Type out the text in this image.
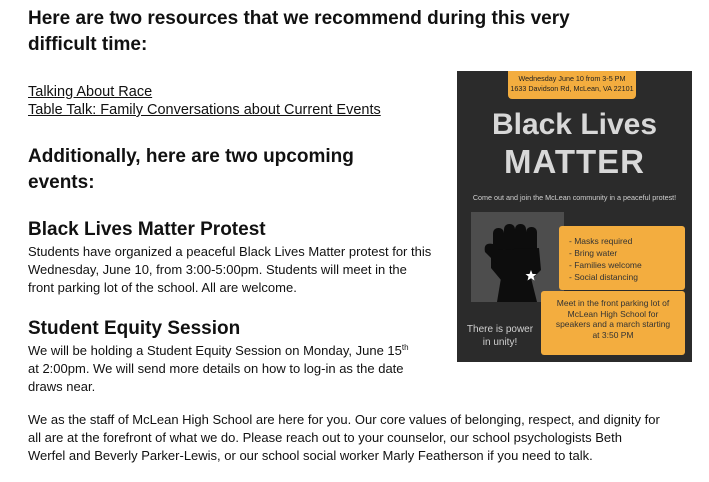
Here are two resources that we recommend during this very
difficult time:
Talking About Race
Table Talk: Family Conversations about Current Events
Additionally, here are two upcoming
events:
Black Lives Matter Protest
Students have organized a peaceful Black Lives Matter protest for this
Wednesday, June 10, from 3:00-5:00pm. Students will meet in the
front parking lot of the school. All are welcome.
Student Equity Session
We will be holding a Student Equity Session on Monday, June 15th
at 2:00pm. We will send more details on how to log-in as the date
draws near.
We as the staff of McLean High School are here for you. Our core values of belonging, respect, and dignity for
all are at the forefront of what we do. Please reach out to your counselor, our school psychologists Beth
Werfel and Beverly Parker-Lewis, or our school social worker Marly Featherson if you need to talk.
Wednesday June 10 from 3-5 PM
1633 Davidson Rd, McLean, VA 22101
Black Lives
MATTER
Come out and join the McLean community in a peaceful protest!
- Masks required
- Bring water
- Families welcome
- Social distancing
Meet in the front parking lot of
McLean High School for
speakers and a march starting
at 3:50 PM
There is power
in unity!
